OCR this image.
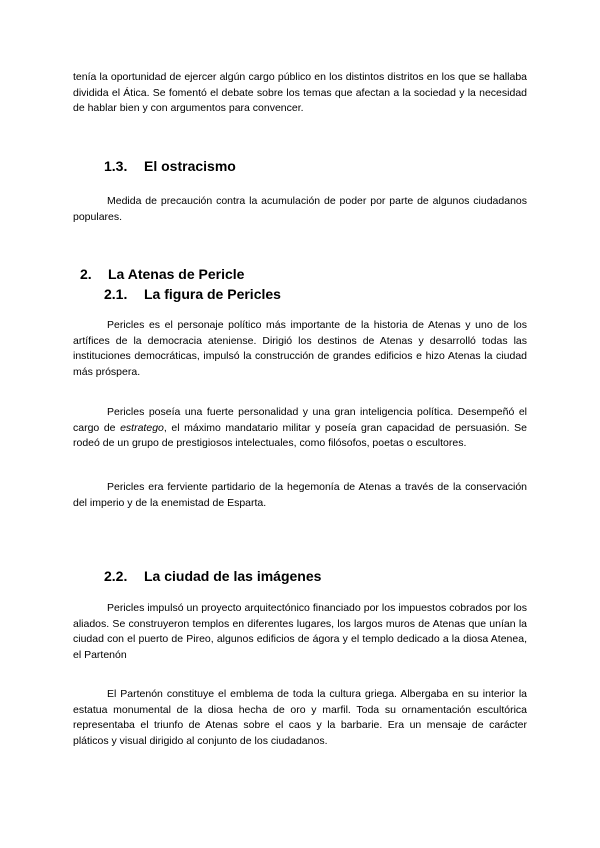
tenía la oportunidad de ejercer algún cargo público en los distintos distritos en los que se hallaba dividida el Ática. Se fomentó el debate sobre los temas que afectan a la sociedad y la necesidad de hablar bien y con argumentos para convencer.

1.3. El ostracismo

Medida de precaución contra la acumulación de poder por parte de algunos ciudadanos populares.

2. La Atenas de Pericle
2.1. La figura de Pericles

Pericles es el personaje político más importante de la historia de Atenas y uno de los artífices de la democracia ateniense. Dirigió los destinos de Atenas y desarrolló todas las instituciones democráticas, impulsó la construcción de grandes edificios e hizo Atenas la ciudad más próspera.

Pericles poseía una fuerte personalidad y una gran inteligencia política. Desempeñó el cargo de estratego, el máximo mandatario militar y poseía gran capacidad de persuasión. Se rodeó de un grupo de prestigiosos intelectuales, como filósofos, poetas o escultores.

Pericles era ferviente partidario de la hegemonía de Atenas a través de la conservación del imperio y de la enemistad de Esparta.

2.2. La ciudad de las imágenes

Pericles impulsó un proyecto arquitectónico financiado por los impuestos cobrados por los aliados. Se construyeron templos en diferentes lugares, los largos muros de Atenas que unían la ciudad con el puerto de Pireo, algunos edificios de ágora y el templo dedicado a la diosa Atenea, el Partenón

El Partenón constituye el emblema de toda la cultura griega. Albergaba en su interior la estatua monumental de la diosa hecha de oro y marfil. Toda su ornamentación escultórica representaba el triunfo de Atenas sobre el caos y la barbarie. Era un mensaje de carácter pláticos y visual dirigido al conjunto de los ciudadanos.
